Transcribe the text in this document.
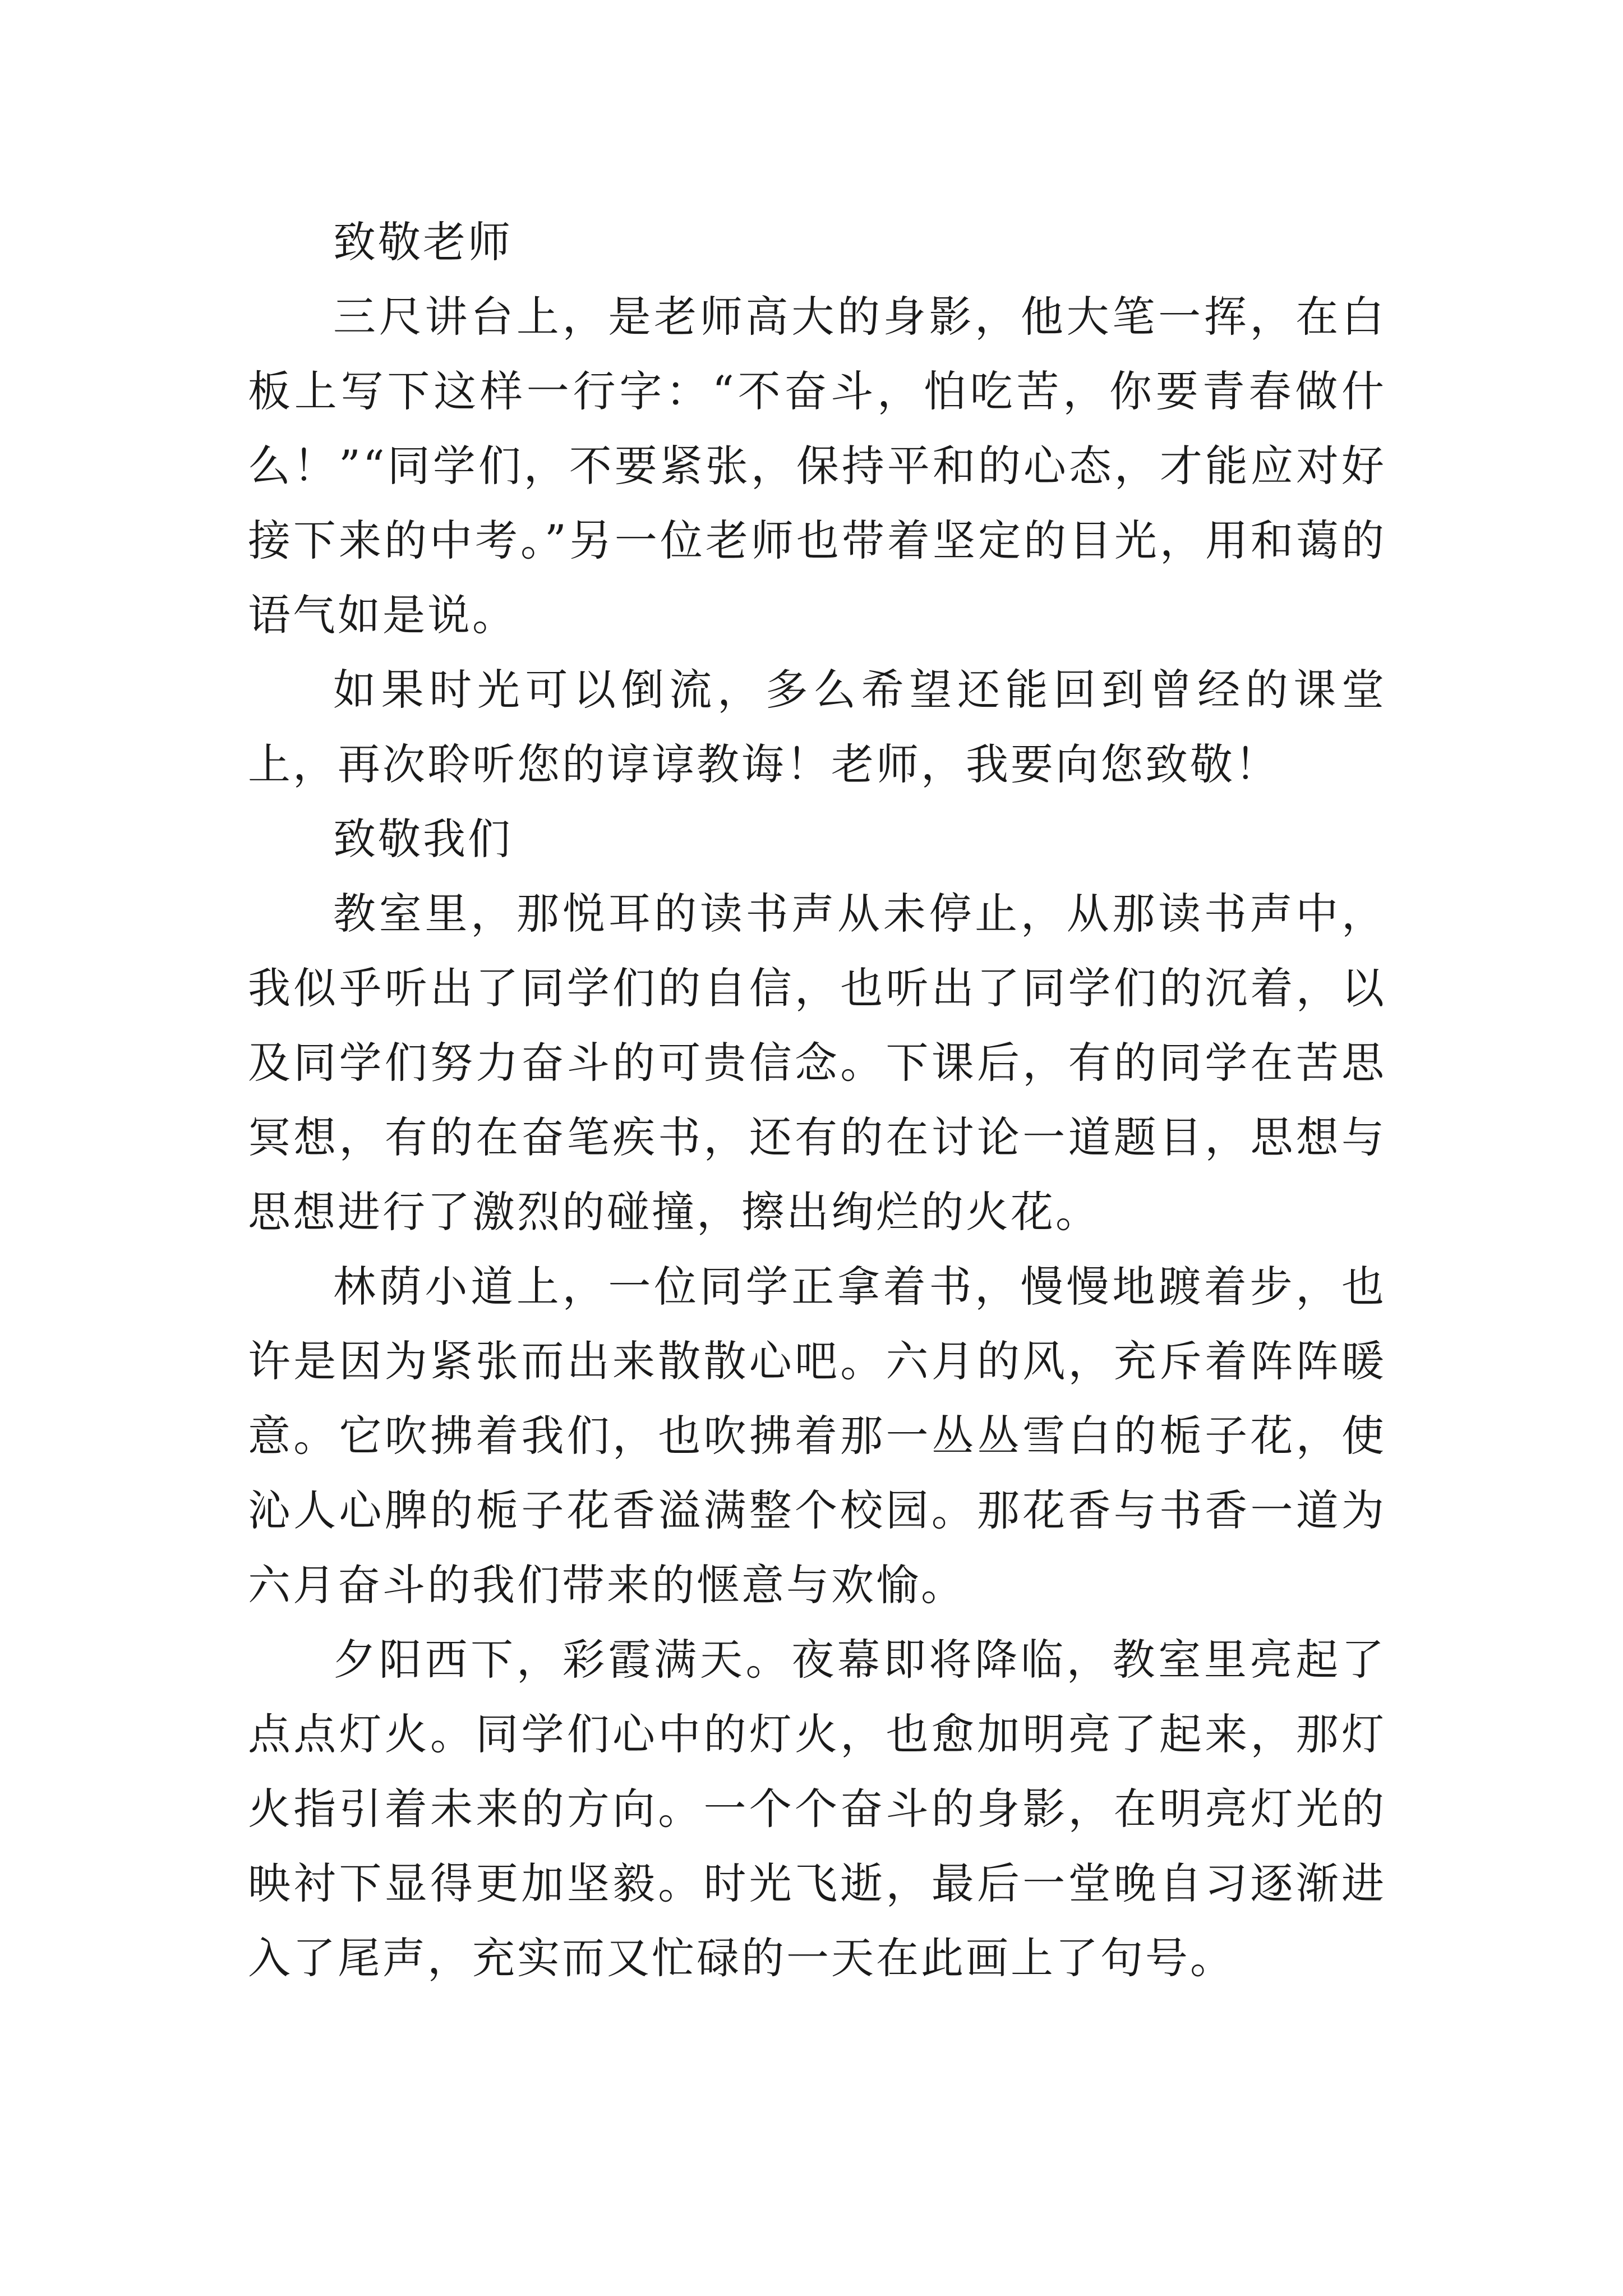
致敬老师

三尺讲台上，是老师高大的身影，他大笔一挥，在白板上写下这样一行字：“不奋斗，怕吃苦，你要青春做什么！”“同学们，不要紧张，保持平和的心态，才能应对好接下来的中考。”另一位老师也带着坚定的目光，用和蔼的语气如是说。

如果时光可以倒流，多么希望还能回到曾经的课堂上，再次聆听您的谆谆教诲！老师，我要向您致敬！

致敬我们

教室里，那悦耳的读书声从未停止，从那读书声中，我似乎听出了同学们的自信，也听出了同学们的沉着，以及同学们努力奋斗的可贵信念。下课后，有的同学在苦思冥想，有的在奋笔疾书，还有的在讨论一道题目，思想与思想进行了激烈的碰撞，擦出绚烂的火花。

林荫小道上，一位同学正拿着书，慢慢地踱着步，也许是因为紧张而出来散散心吧。六月的风，充斥着阵阵暖意。它吹拂着我们，也吹拂着那一丛丛雪白的栀子花，使沁人心脾的栀子花香溢满整个校园。那花香与书香一道为六月奋斗的我们带来的惬意与欢愉。

夕阳西下，彩霞满天。夜幕即将降临，教室里亮起了点点灯火。同学们心中的灯火，也愈加明亮了起来，那灯火指引着未来的方向。一个个奋斗的身影，在明亮灯光的映衬下显得更加坚毅。时光飞逝，最后一堂晚自习逐渐进入了尾声，充实而又忙碌的一天在此画上了句号。
